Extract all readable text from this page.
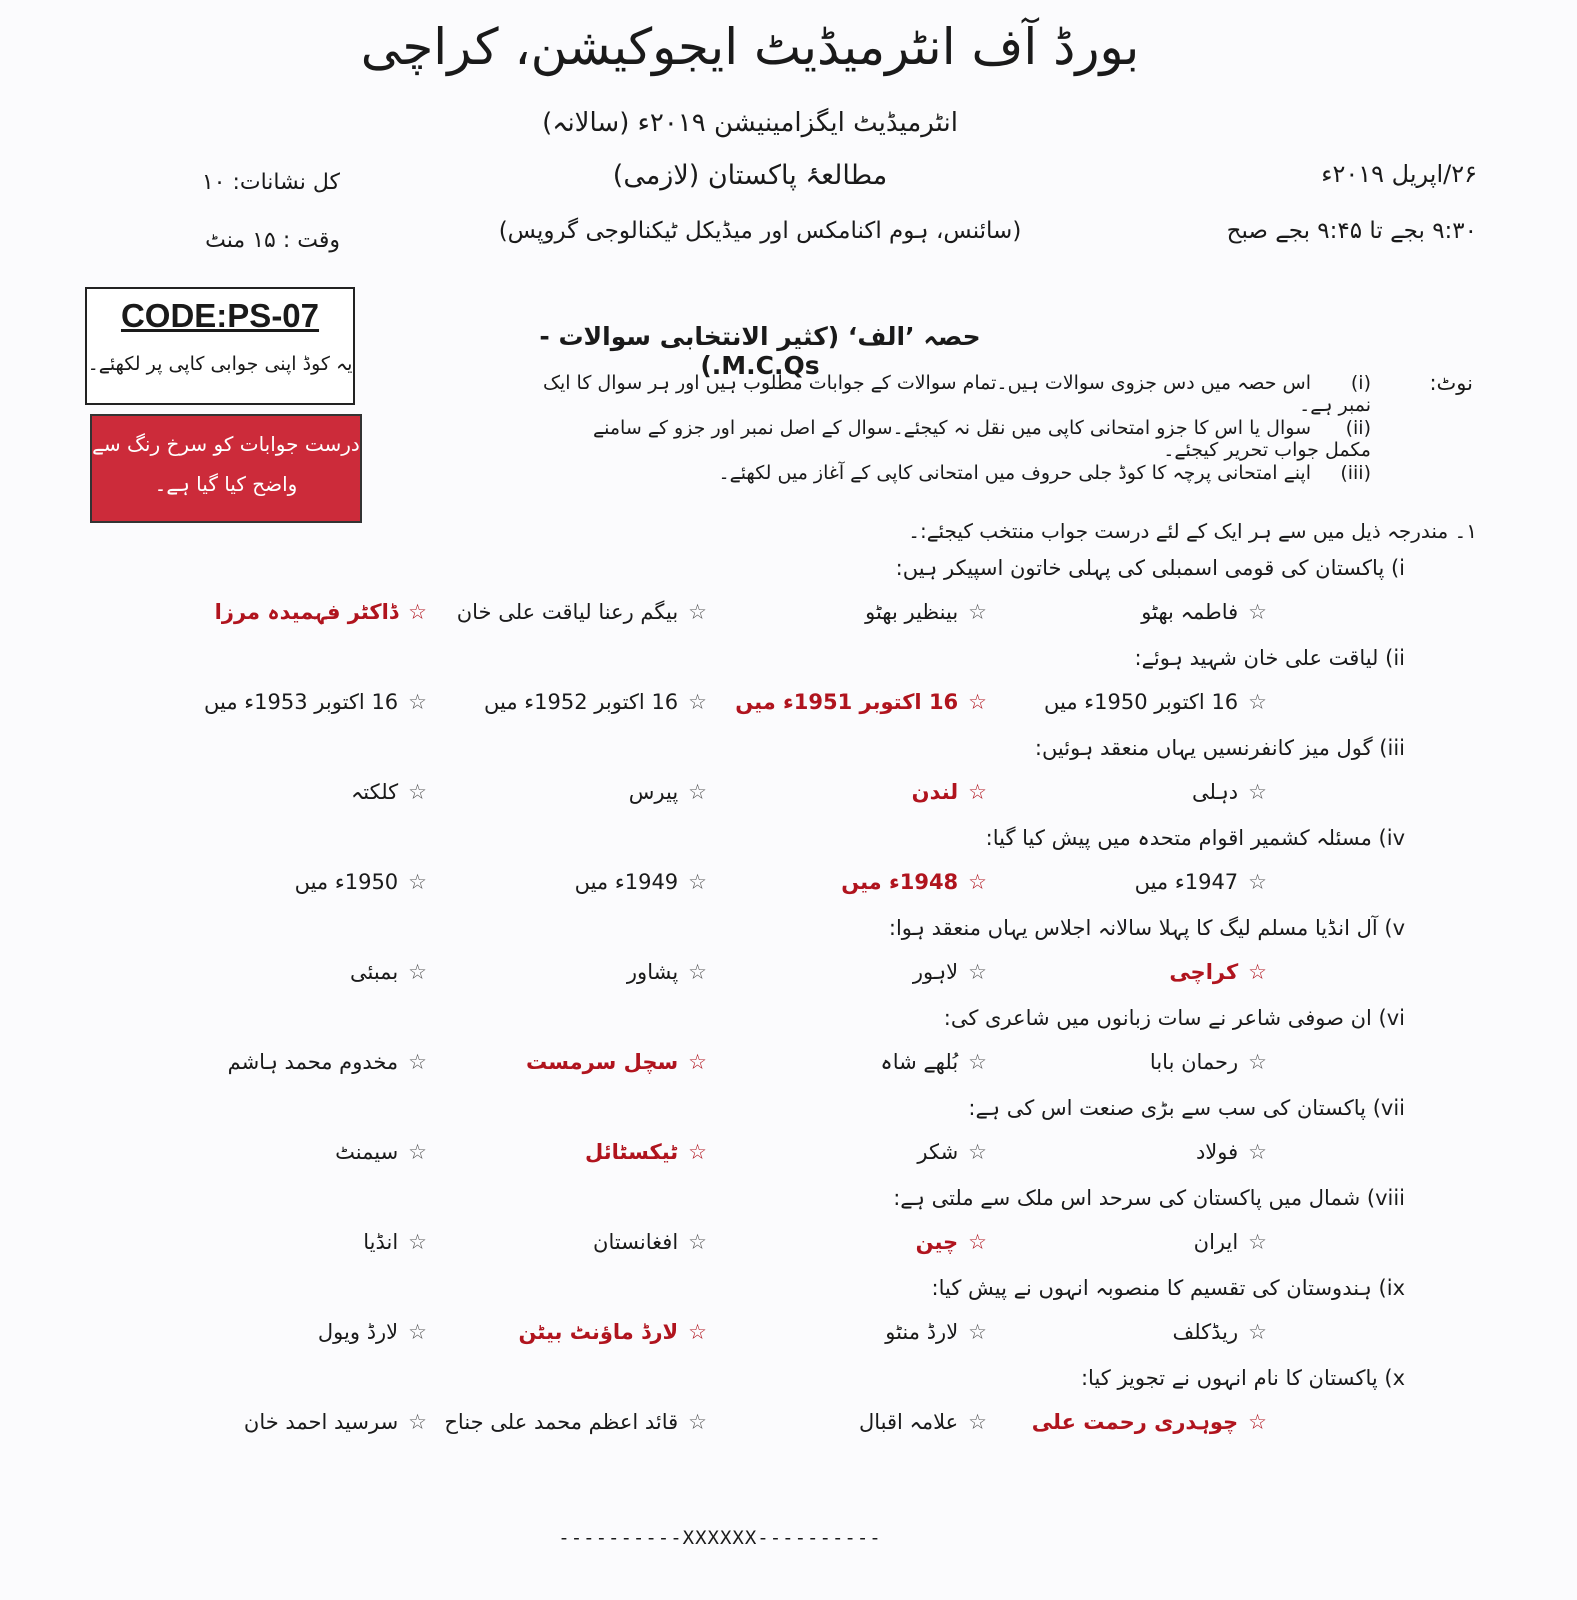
بورڈ آف انٹرمیڈیٹ ایجوکیشن، کراچی
انٹرمیڈیٹ ایگزامینیشن ۲۰۱۹ء (سالانہ)
مطالعۂ پاکستان (لازمی)
(سائنس، ہوم اکنامکس اور میڈیکل ٹیکنالوجی گروپس)
۲۶/اپریل ۲۰۱۹ء
۹:۳۰ بجے تا ۹:۴۵ بجے صبح
کل نشانات: ۱۰
وقت : ۱۵ منٹ
CODE:PS-07
یہ کوڈ اپنی جوابی کاپی پر لکھئے۔
درست جوابات کو سرخ رنگ سے
واضح کیا گیا ہے۔
حصہ ’الف‘ (کثیر الانتخابی سوالات - M.C.Qs.)
نوٹ:
(i)اس حصہ میں دس جزوی سوالات ہیں۔تمام سوالات کے جوابات مطلوب ہیں اور ہر سوال کا ایک نمبر ہے۔
(ii)سوال یا اس کا جزو امتحانی کاپی میں نقل نہ کیجئے۔سوال کے اصل نمبر اور جزو کے سامنے مکمل جواب تحریر کیجئے۔
(iii)اپنے امتحانی پرچہ کا کوڈ جلی حروف میں امتحانی کاپی کے آغاز میں لکھئے۔
۱۔ مندرجہ ذیل میں سے ہر ایک کے لئے درست جواب منتخب کیجئے:۔
i) پاکستان کی قومی اسمبلی کی پہلی خاتون اسپیکر ہیں:
☆فاطمہ بھٹو
☆بینظیر بھٹو
☆بیگم رعنا لیاقت علی خان
☆ڈاکٹر فہمیدہ مرزا
ii) لیاقت علی خان شہید ہوئے:
☆16 اکتوبر 1950ء میں
☆16 اکتوبر 1951ء میں
☆16 اکتوبر 1952ء میں
☆16 اکتوبر 1953ء میں
iii) گول میز کانفرنسیں یہاں منعقد ہوئیں:
☆دہلی
☆لندن
☆پیرس
☆کلکتہ
iv) مسئلہ کشمیر اقوام متحدہ میں پیش کیا گیا:
☆1947ء میں
☆1948ء میں
☆1949ء میں
☆1950ء میں
v) آل انڈیا مسلم لیگ کا پہلا سالانہ اجلاس یہاں منعقد ہوا:
☆کراچی
☆لاہور
☆پشاور
☆بمبئی
vi) ان صوفی شاعر نے سات زبانوں میں شاعری کی:
☆رحمان بابا
☆بُلھے شاہ
☆سچل سرمست
☆مخدوم محمد ہاشم
vii) پاکستان کی سب سے بڑی صنعت اس کی ہے:
☆فولاد
☆شکر
☆ٹیکسٹائل
☆سیمنٹ
viii) شمال میں پاکستان کی سرحد اس ملک سے ملتی ہے:
☆ایران
☆چین
☆افغانستان
☆انڈیا
ix) ہندوستان کی تقسیم کا منصوبہ انہوں نے پیش کیا:
☆ریڈکلف
☆لارڈ منٹو
☆لارڈ ماؤنٹ بیٹن
☆لارڈ ویول
x) پاکستان کا نام انہوں نے تجویز کیا:
☆چوہدری رحمت علی
☆علامہ اقبال
☆قائد اعظم محمد علی جناح
☆سرسید احمد خان
----------XXXXXX----------
